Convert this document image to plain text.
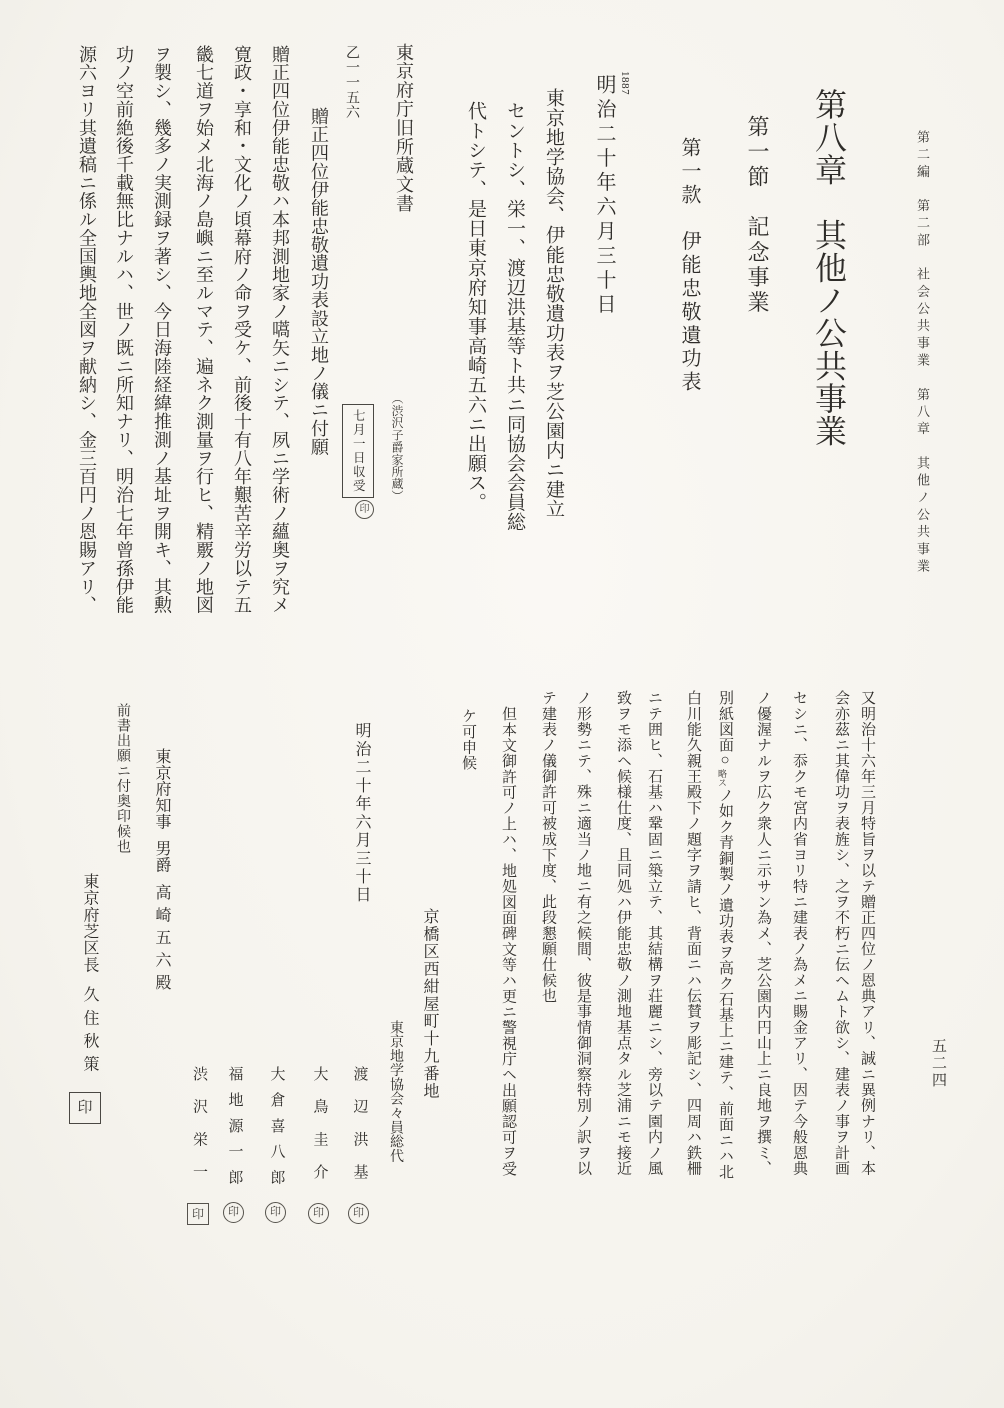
第二編　第二部　社会公共事業　第八章　其他ノ公共事業
五二四
第八章　其他ノ公共事業
第一節　記念事業
第一款　伊能忠敬遺功表
1887
明治二十年六月三十日
東京地学協会、伊能忠敬遺功表ヲ芝公園内ニ建立
セントシ、栄一、渡辺洪基等ト共ニ同協会会員総
代トシテ、是日東京府知事高崎五六ニ出願ス。
東京府庁旧所蔵文書
（渋沢子爵家所蔵）
乙一一五六
七月一日収受
印
贈正四位伊能忠敬遺功表設立地ノ儀ニ付願
贈正四位伊能忠敬ハ本邦測地家ノ嚆矢ニシテ、夙ニ学術ノ蘊奥ヲ究メ
寛政・享和・文化ノ頃幕府ノ命ヲ受ケ、前後十有八年艱苦辛労以テ五
畿七道ヲ始メ北海ノ島嶼ニ至ルマテ、遍ネク測量ヲ行ヒ、精覈ノ地図
ヲ製シ、幾多ノ実測録ヲ著シ、今日海陸経緯推測ノ基址ヲ開キ、其勲
功ノ空前絶後千載無比ナルハ、世ノ既ニ所知ナリ、明治七年曾孫伊能
源六ヨリ其遺稿ニ係ル全国輿地全図ヲ献納シ、金三百円ノ恩賜アリ、
又明治十六年三月特旨ヲ以テ贈正四位ノ恩典アリ、誠ニ異例ナリ、本
会亦茲ニ其偉功ヲ表旌シ、之ヲ不朽ニ伝ヘムト欲シ、建表ノ事ヲ計画
セシニ、忝クモ宮内省ヨリ特ニ建表ノ為メニ賜金アリ、因テ今般恩典
ノ優渥ナルヲ広ク衆人ニ示サン為メ、芝公園内円山上ニ良地ヲ撰ミ、
別紙図面○略スノ如ク青銅製ノ遺功表ヲ高ク石基上ニ建テ、前面ニハ北
白川能久親王殿下ノ題字ヲ請ヒ、背面ニハ伝賛ヲ彫記シ、四周ハ鉄柵
ニテ囲ヒ、石基ハ鞏固ニ築立テ、其結構ヲ荘麗ニシ、旁以テ園内ノ風
致ヲモ添ヘ候様仕度、且同処ハ伊能忠敬ノ測地基点タル芝浦ニモ接近
ノ形勢ニテ、殊ニ適当ノ地ニ有之候間、彼是事情御洞察特別ノ訳ヲ以
テ建表ノ儀御許可被成下度、此段懇願仕候也
但本文御許可ノ上ハ、地処図面碑文等ハ更ニ警視庁ヘ出願認可ヲ受
ケ可申候
明治二十年六月三十日
京橋区西紺屋町十九番地
東京地学協会々員総代
渡辺洪基印
大鳥圭介印
大倉喜八郎印
福地源一郎印
渋沢栄一印
東京府知事男爵高崎五六殿
前書出願ニ付奥印候也
東京府芝区長久住秋策印
